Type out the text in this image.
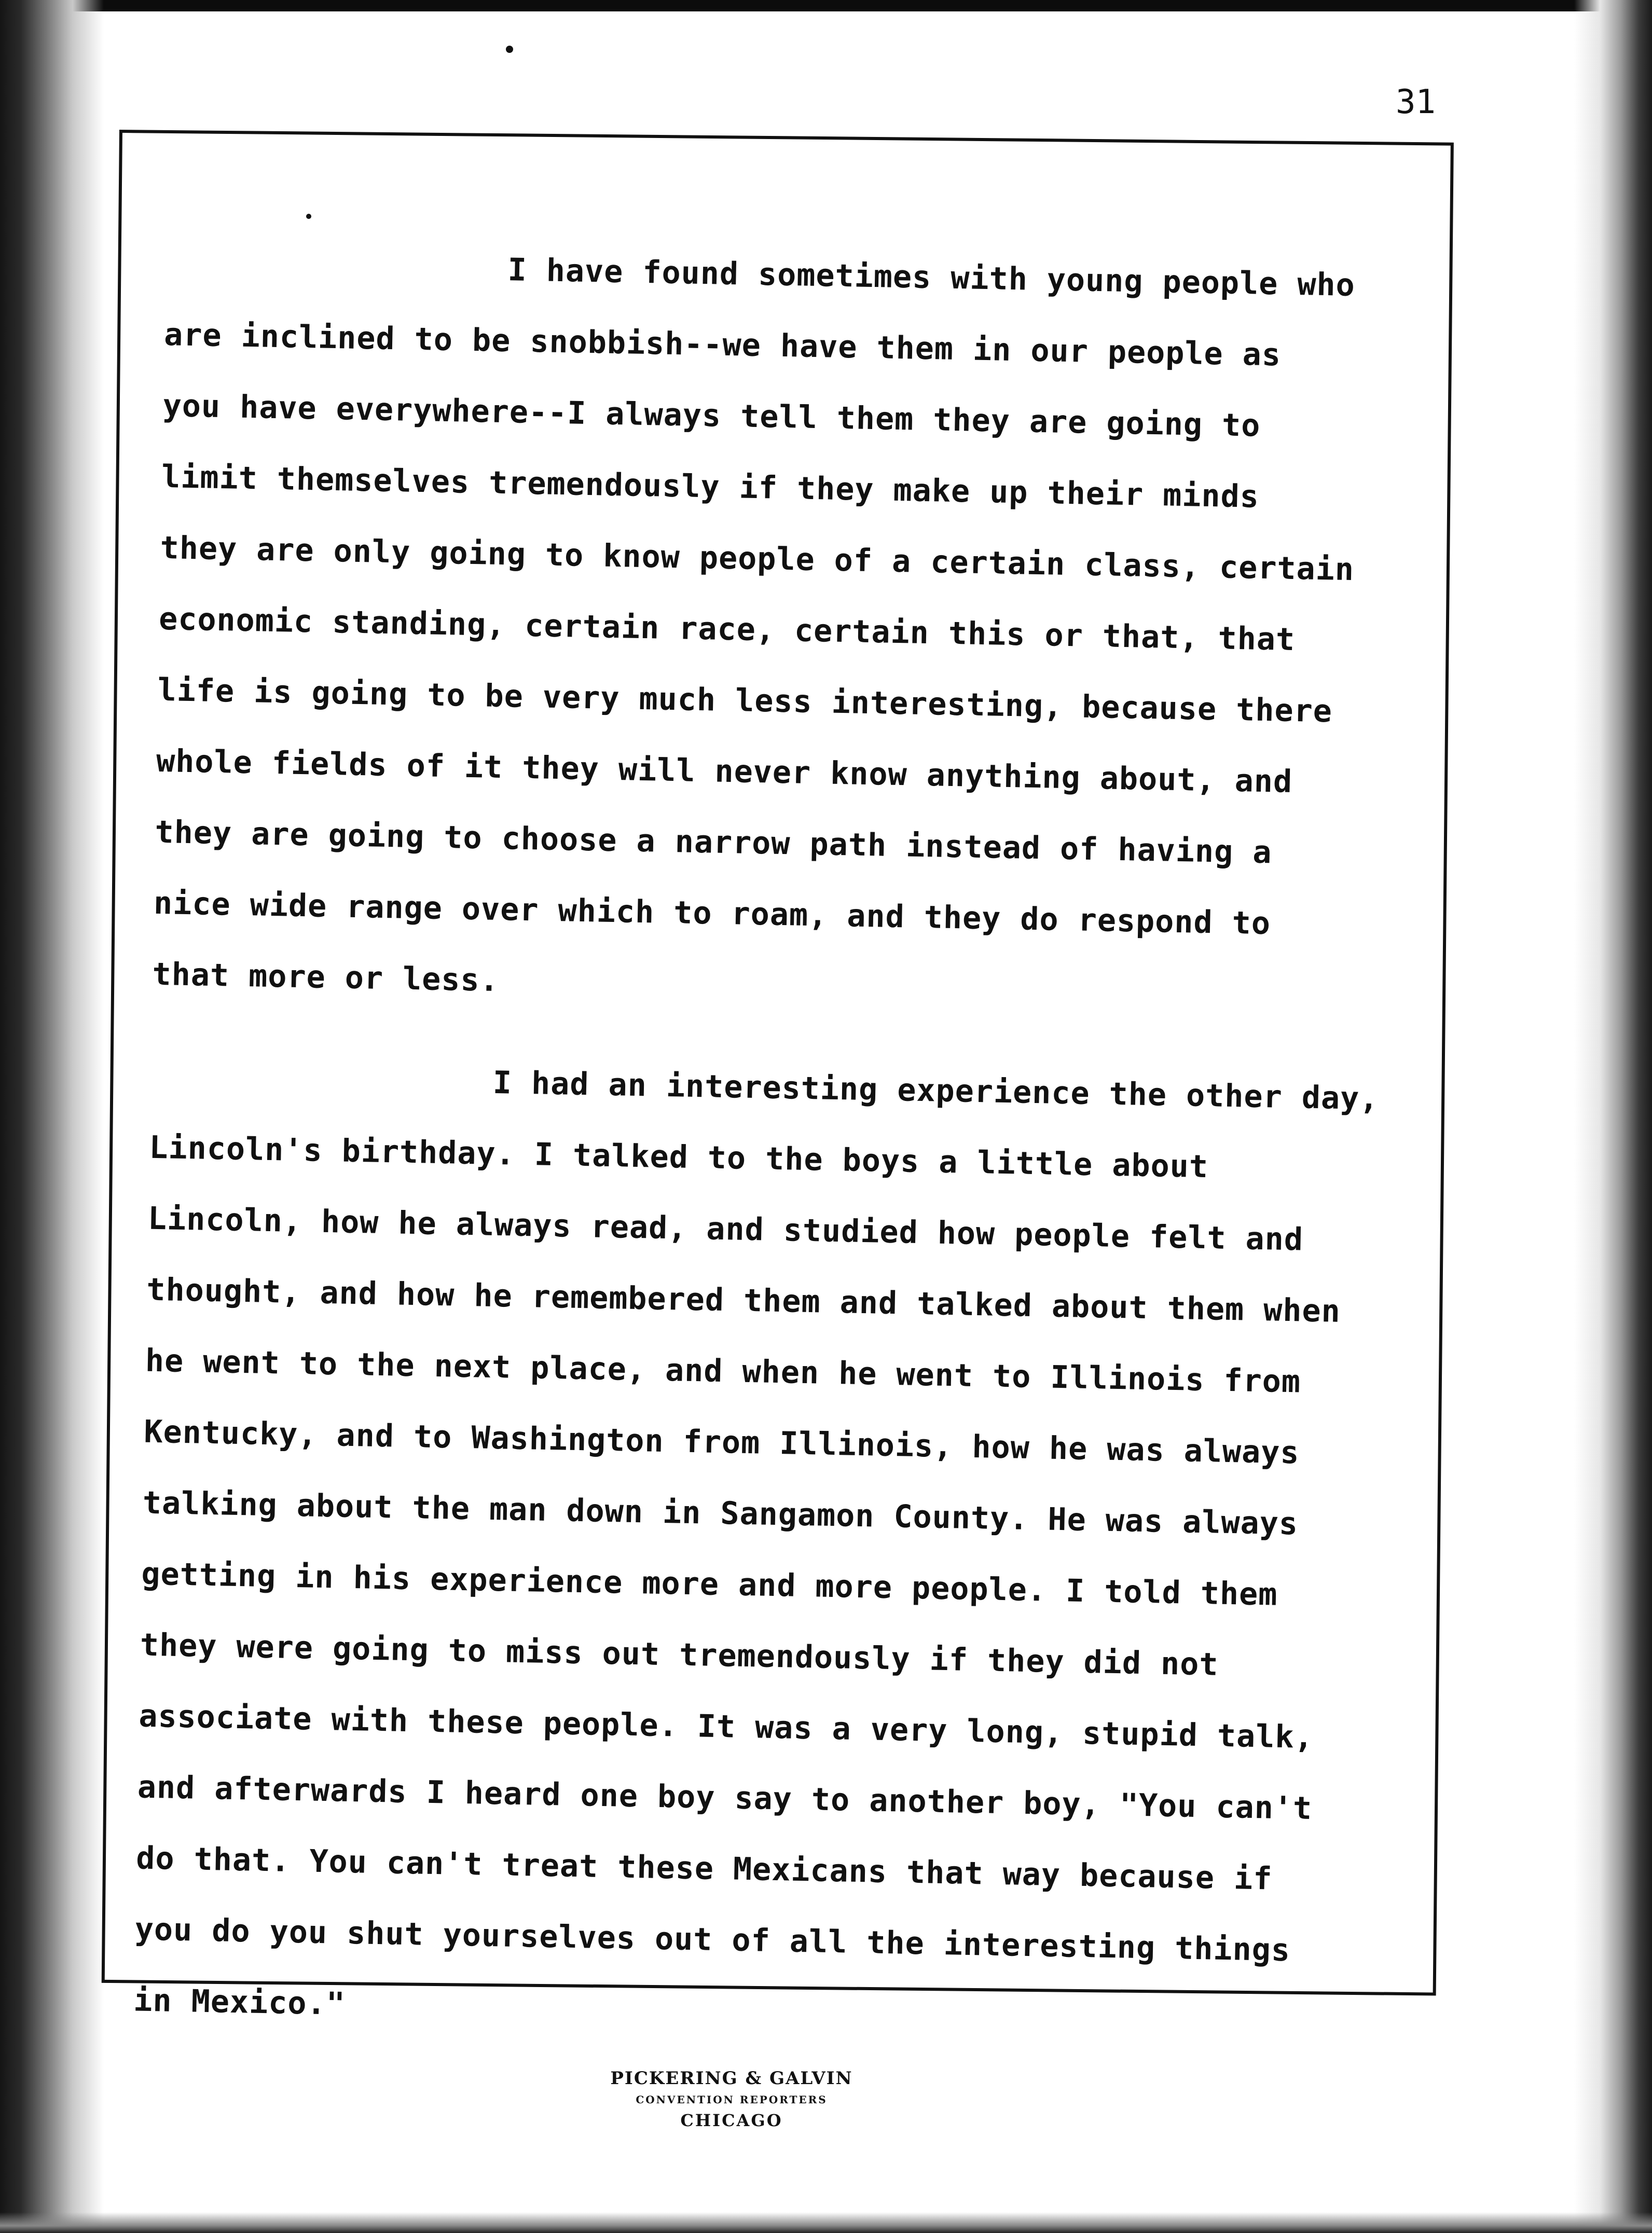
31
I have found sometimes with young people who
are inclined to be snobbish--we have them in our people as
you have everywhere--I always tell them they are going to
limit themselves tremendously if they make up their minds
they are only going to know people of a certain class, certain
economic standing, certain race, certain this or that, that
life is going to be very much less interesting, because there
whole fields of it they will never know anything about, and
they are going to choose a narrow path instead of having a
nice wide range over which to roam, and they do respond to
that more or less.
I had an interesting experience the other day,
Lincoln's birthday. I talked to the boys a little about
Lincoln, how he always read, and studied how people felt and
thought, and how he remembered them and talked about them when
he went to the next place, and when he went to Illinois from
Kentucky, and to Washington from Illinois, how he was always
talking about the man down in Sangamon County. He was always
getting in his experience more and more people. I told them
they were going to miss out tremendously if they did not
associate with these people. It was a very long, stupid talk,
and afterwards I heard one boy say to another boy, "You can't
do that. You can't treat these Mexicans that way because if
you do you shut yourselves out of all the interesting things
in Mexico."
PICKERING & GALVIN
CONVENTION REPORTERS
CHICAGO
